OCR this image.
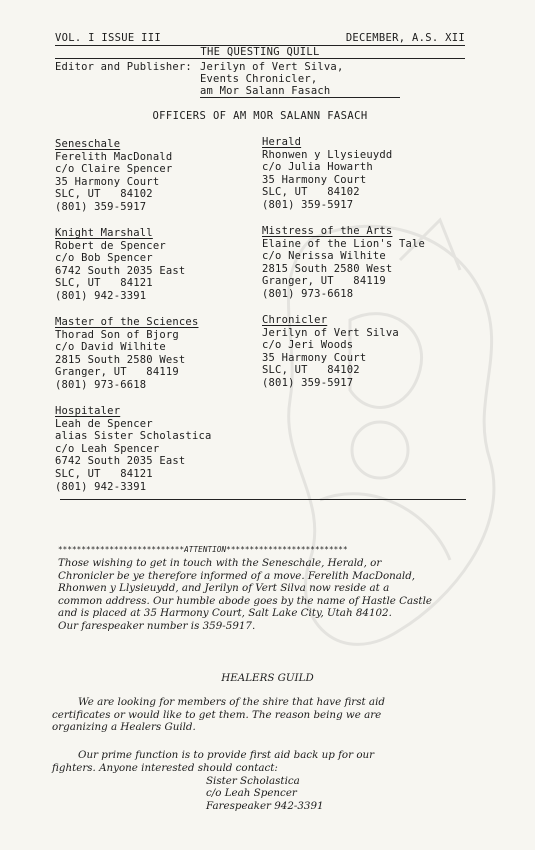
VOL. I ISSUE III	DECEMBER, A.S. XII
THE QUESTING QUILL
Editor and Publisher: Jerilyn of Vert Silva,
Events Chronicler,
am Mor Salann Fasach
OFFICERS OF AM MOR SALANN FASACH
Seneschale
Ferelith MacDonald
c/o Claire Spencer
35 Harmony Court
SLC, UT   84102
(801) 359-5917
Herald
Rhonwen y Llysieuydd
c/o Julia Howarth
35 Harmony Court
SLC, UT   84102
(801) 359-5917
Knight Marshall
Robert de Spencer
c/o Bob Spencer
6742 South 2035 East
SLC, UT   84121
(801) 942-3391
Mistress of the Arts
Elaine of the Lion's Tale
c/o Nerissa Wilhite
2815 South 2580 West
Granger, UT   84119
(801) 973-6618
Master of the Sciences
Thorad Son of Bjorg
c/o David Wilhite
2815 South 2580 West
Granger, UT   84119
(801) 973-6618
Chronicler
Jerilyn of Vert Silva
c/o Jeri Woods
35 Harmony Court
SLC, UT   84102
(801) 359-5917
Hospitaler
Leah de Spencer
alias Sister Scholastica
c/o Leah Spencer
6742 South 2035 East
SLC, UT   84121
(801) 942-3391
***************************ATTENTION**************************
Those wishing to get in touch with the Seneschale, Herald, or
Chronicler be ye therefore informed of a move. Ferelith MacDonald,
Rhonwen y Llysieuydd, and Jerilyn of Vert Silva now reside at a
common address. Our humble abode goes by the name of Hastle Castle
and is placed at 35 Harmony Court, Salt Lake City, Utah 84102.
Our farespeaker number is 359-5917.
HEALERS GUILD
We are looking for members of the shire that have first aid
certificates or would like to get them. The reason being we are
organizing a Healers Guild.
Our prime function is to provide first aid back up for our
fighters. Anyone interested should contact:
Sister Scholastica
c/o Leah Spencer
Farespeaker 942-3391
